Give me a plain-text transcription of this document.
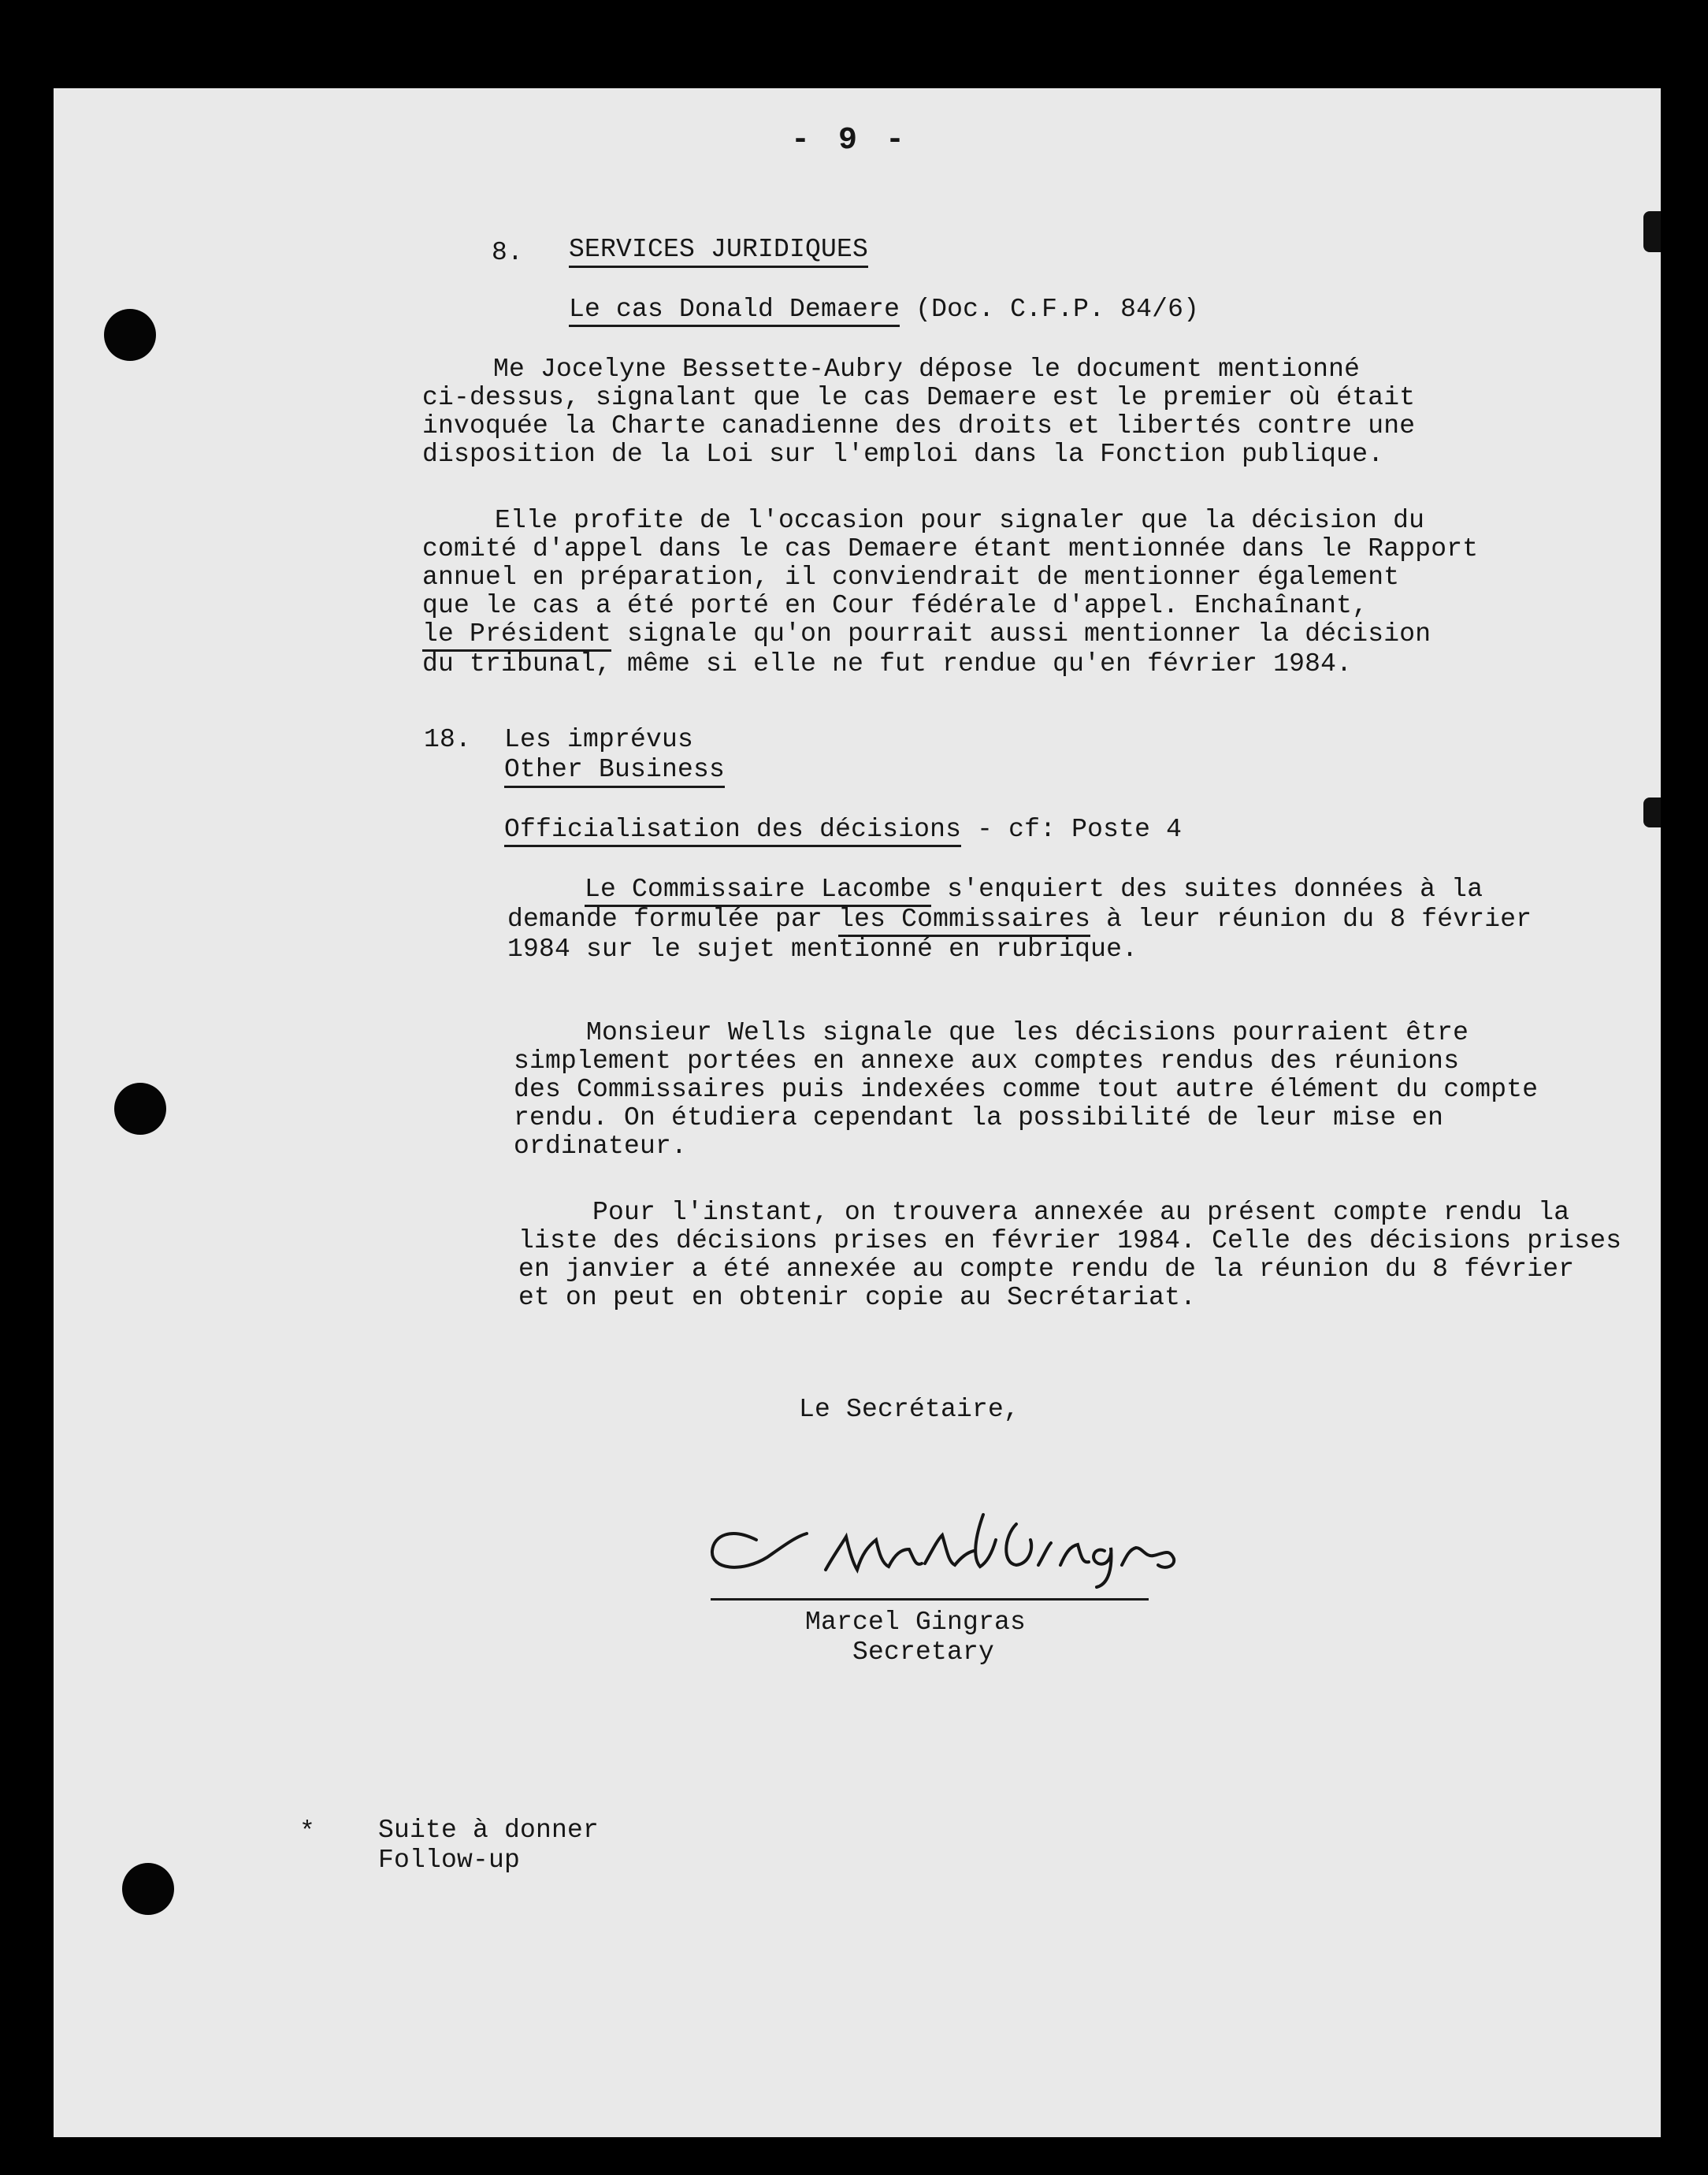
- 9 -
8. SERVICES JURIDIQUES
Le cas Donald Demaere (Doc. C.F.P. 84/6)
Me Jocelyne Bessette-Aubry dépose le document mentionné
ci-dessus, signalant que le cas Demaere est le premier où était
invoquée la Charte canadienne des droits et libertés contre une
disposition de la Loi sur l'emploi dans la Fonction publique.
Elle profite de l'occasion pour signaler que la décision du
comité d'appel dans le cas Demaere étant mentionnée dans le Rapport
annuel en préparation, il conviendrait de mentionner également
que le cas a été porté en Cour fédérale d'appel. Enchaînant,
le Président signale qu'on pourrait aussi mentionner la décision
du tribunal, même si elle ne fut rendue qu'en février 1984.
18. Les imprévus
Other Business
Officialisation des décisions - cf: Poste 4
Le Commissaire Lacombe s'enquiert des suites données à la
demande formulée par les Commissaires à leur réunion du 8 février
1984 sur le sujet mentionné en rubrique.
Monsieur Wells signale que les décisions pourraient être
simplement portées en annexe aux comptes rendus des réunions
des Commissaires puis indexées comme tout autre élément du compte
rendu. On étudiera cependant la possibilité de leur mise en
ordinateur.
Pour l'instant, on trouvera annexée au présent compte rendu la
liste des décisions prises en février 1984. Celle des décisions prises
en janvier a été annexée au compte rendu de la réunion du 8 février
et on peut en obtenir copie au Secrétariat.
Le Secrétaire,
Marcel Gingras
Secretary
* Suite à donner
Follow-up
